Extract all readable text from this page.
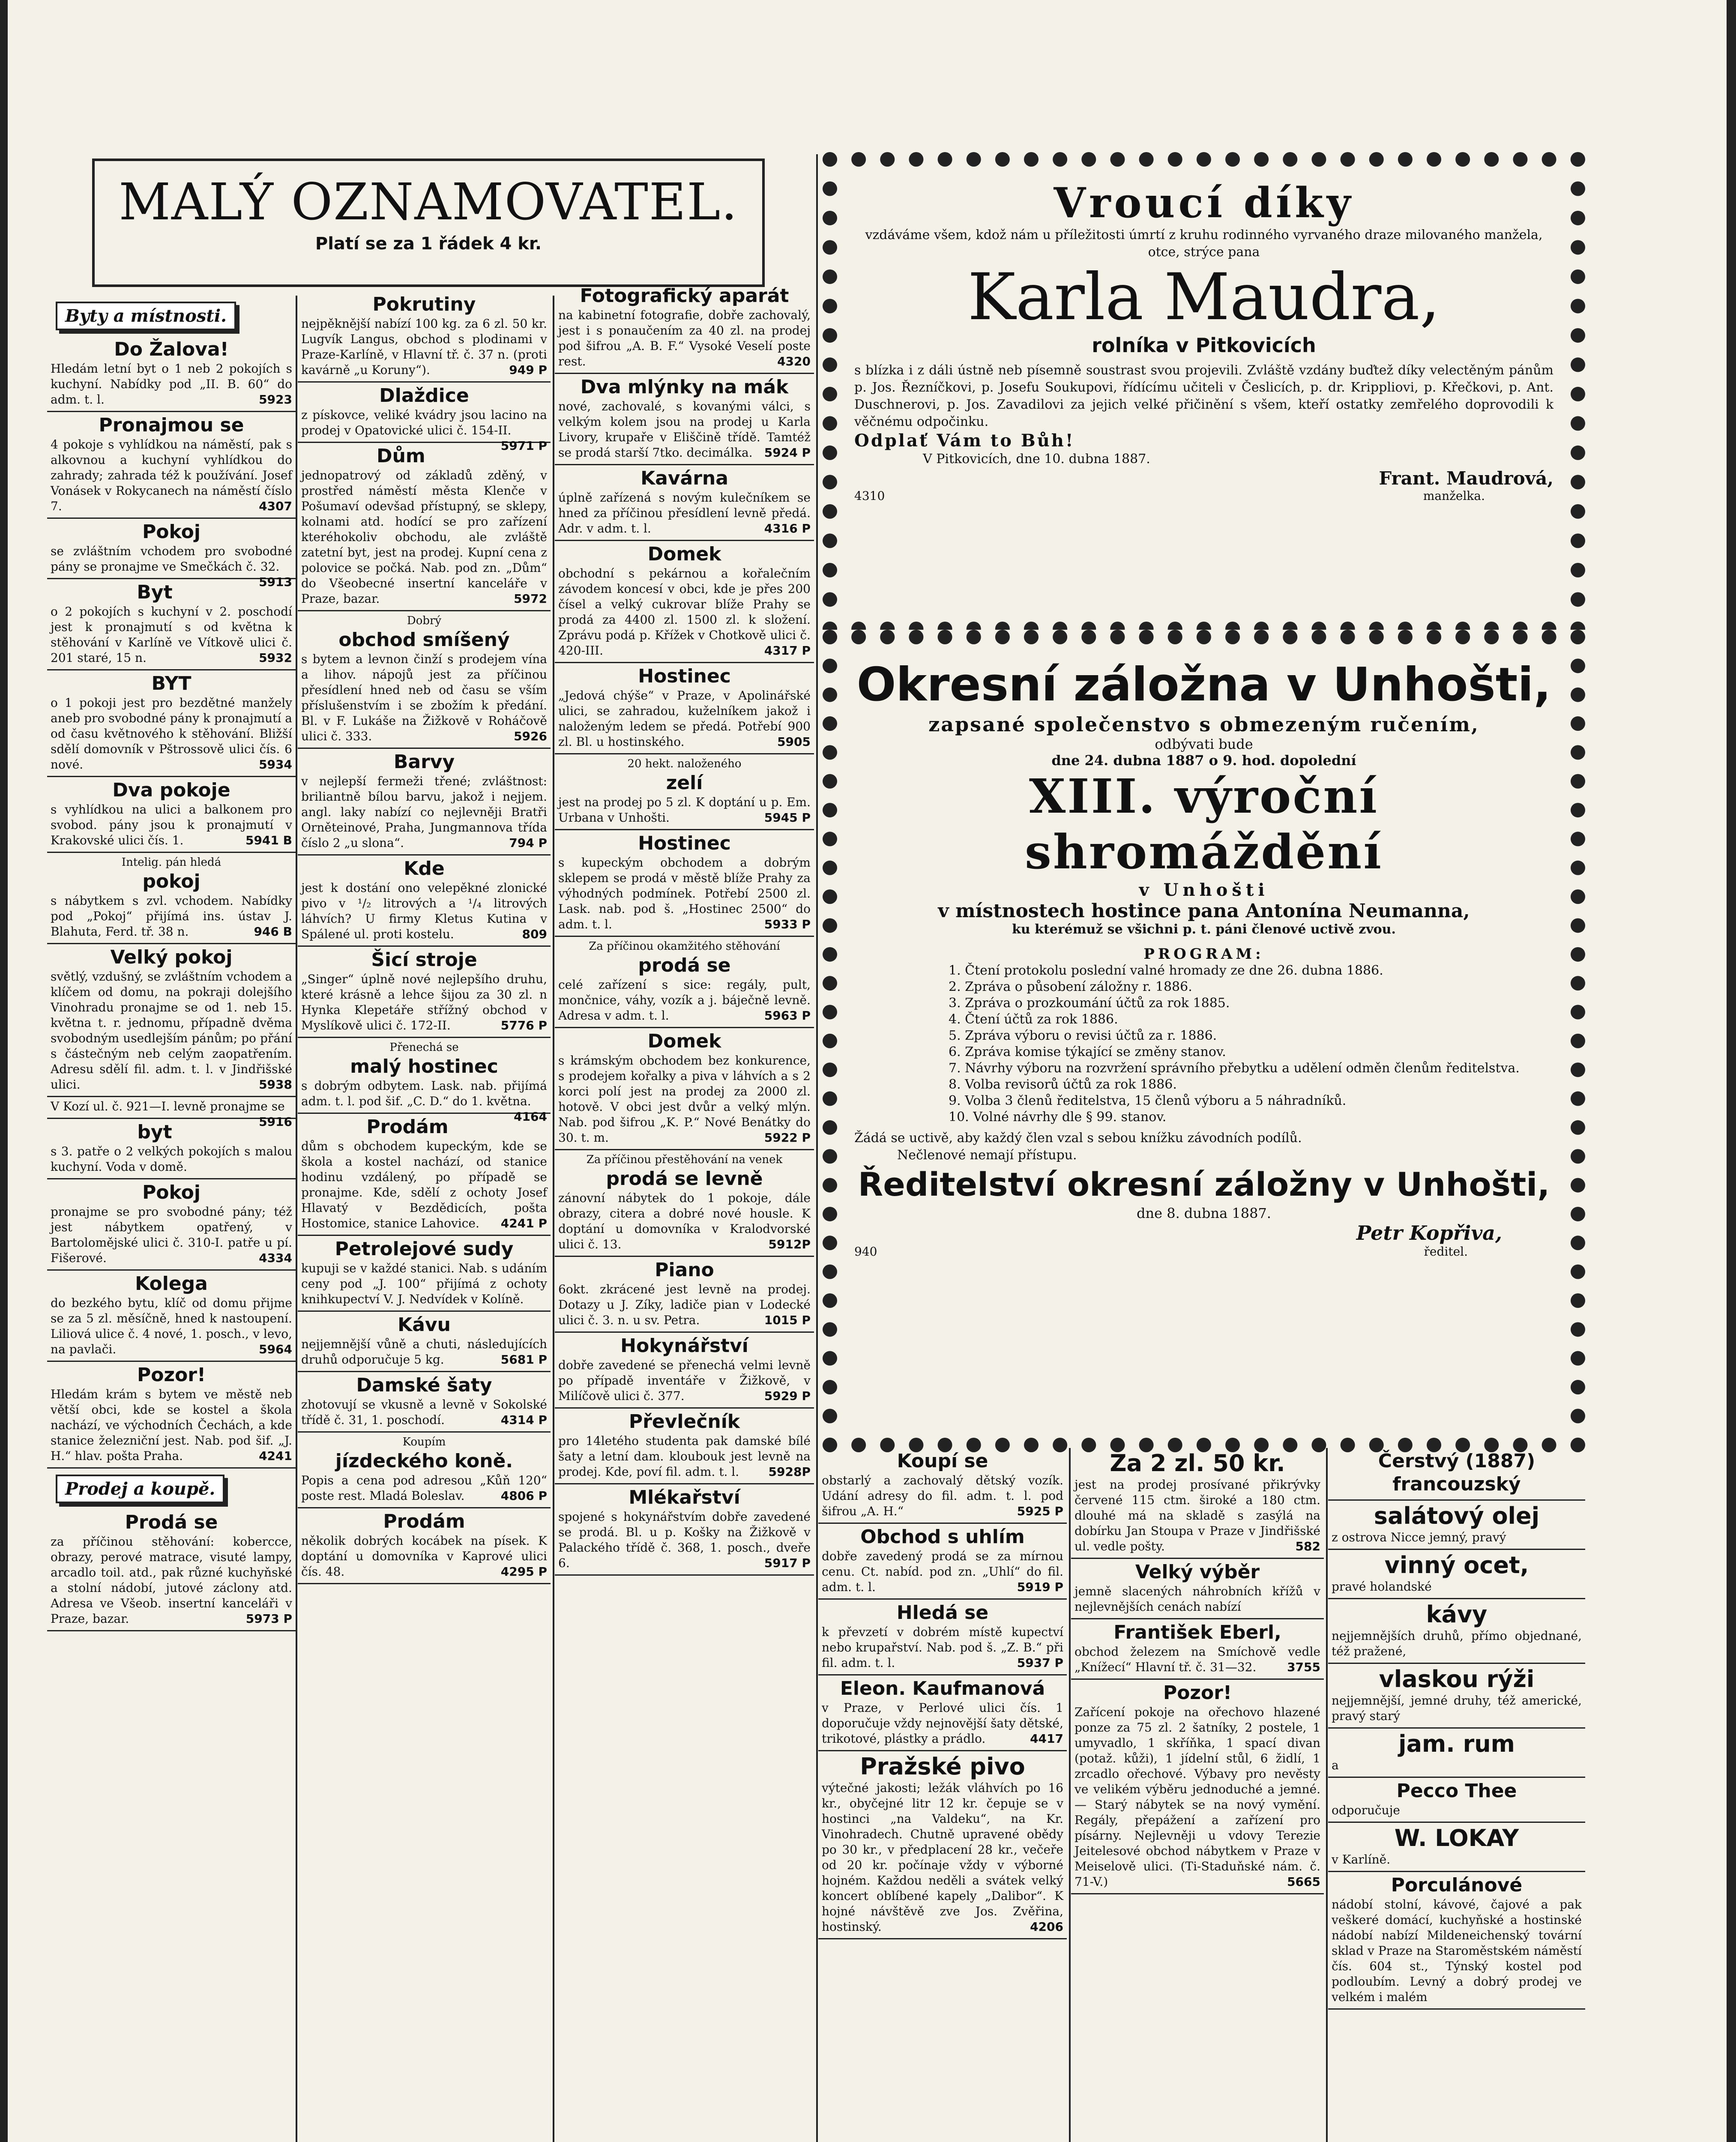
MALÝ OZNAMOVATEL.
Platí se za 1 řádek 4 kr.
Byty a místnosti.
Do Žalova!
Hledám letní byt o 1 neb 2 pokojích s kuchyní. Nabídky pod „II. B. 60“ do adm. t. l.	5923
Pronajmou se
4 pokoje s vyhlídkou na náměstí, pak s alkovnou a kuchyní vyhlídkou do zahrady; zahrada též k používání. Josef Vonásek v Rokycanech na náměstí číslo 7.	4307
Pokoj
se zvláštním vchodem pro svobodné pány se pronajme ve Smečkách č. 32.
5913
Byt
o 2 pokojích s kuchyní v 2. poschodí jest k pronajmutí s od května k stěhování v Karlíně ve Vítkově ulici č. 201 staré, 15 n.	5932
BYT
o 1 pokoji jest pro bezdětné manžely aneb pro svobodné pány k pronajmutí a od času květnového k stěhování. Bližší sdělí domovník v Pštrossově ulici čís. 6 nové.	5934
Dva pokoje
s vyhlídkou na ulici a balkonem pro svobod. pány jsou k pronajmutí v Krakovské ulici čís. 1.	5941 B
Intelig. pán hledá
pokoj
s nábytkem s zvl. vchodem. Nabídky pod „Pokoj“ přijímá ins. ústav J. Blahuta, Ferd. tř. 38 n.	946 B
Velký pokoj
světlý, vzdušný, se zvláštním vchodem a klíčem od domu, na pokraji dolejšího Vinohradu pronajme se od 1. neb 15. května t. r. jednomu, případně dvěma svobodným usedlejším pánům; po přání s částečným neb celým zaopatřením. Adresu sdělí fil. adm. t. l. v Jindřišské ulici.	5938
V Kozí ul. č. 921—I. levně pronajme se
5916
byt
s 3. patře o 2 velkých pokojích s malou kuchyní. Voda v domě.
Pokoj
pronajme se pro svobodné pány; též jest nábytkem opatřený, v Bartolomějské ulici č. 310-I. patře u pí. Fišerové.	4334
Kolega
do bezkého bytu, klíč od domu přijme se za 5 zl. měsíčně, hned k nastoupení. Liliová ulice č. 4 nové, 1. posch., v levo, na pavlači.	5964
Pozor!
Hledám krám s bytem ve městě neb větší obci, kde se kostel a škola nachází, ve východních Čechách, a kde stanice železniční jest. Nab. pod šif. „J. H.“ hlav. pošta Praha.	4241
Prodej a koupě.
Prodá se
za příčinou stěhování: kobercce, obrazy, perové matrace, visuté lampy, arcadlo toil. atd., pak různé kuchyňské a stolní nádobí, jutové záclony atd. Adresa ve Všeob. insertní kanceláři v Praze, bazar.	5973 P
Pokrutiny
nejpěknější nabízí 100 kg. za 6 zl. 50 kr. Lugvík Langus, obchod s plodinami v Praze-Karlíně, v Hlavní tř. č. 37 n. (proti kavárně „u Koruny“).	949 P
Dlaždice
z pískovce, veliké kvádry jsou lacino na prodej v Opatovické ulici č. 154-II.
5971 P
Dům
jednopatrový od základů zděný, v prostřed náměstí města Klenče v Pošumaví odevšad přístupný, se sklepy, kolnami atd. hodící se pro zařízení kteréhokoliv obchodu, ale zvláště zatetní byt, jest na prodej. Kupní cena z polovice se počká. Nab. pod zn. „Dům“ do Všeobecné insertní kanceláře v Praze, bazar.	5972
Dobrý
obchod smíšený
s bytem a levnon činží s prodejem vína a lihov. nápojů jest za příčinou přesídlení hned neb od času se vším příslušenstvím i se zbožím k předání. Bl. v F. Lukáše na Žižkově v Roháčově ulici č. 333.	5926
Barvy
v nejlepší fermeži třené; zvláštnost: briliantně bílou barvu, jakož i nejjem. angl. laky nabízí co nejlevněji Bratři Orněteinové, Praha, Jungmannova třída číslo 2 „u slona“.	794 P
Kde
jest k dostání ono velepěkné zlonické pivo v ¹/₂ litrových a ¹/₄ litrových láhvích? U firmy Kletus Kutina v Spálené ul. proti kostelu.	809
Šicí stroje
„Singer“ úplně nové nejlepšího druhu, které krásně a lehce šijou za 30 zl. n Hynka Klepetáře střížný obchod v Myslíkově ulici č. 172-II.	5776 P
Přenechá se
malý hostinec
s dobrým odbytem. Lask. nab. přijímá adm. t. l. pod šif. „C. D.“ do 1. května.
4164
Prodám
dům s obchodem kupeckým, kde se škola a kostel nachází, od stanice hodinu vzdálený, po případě se pronajme. Kde, sdělí z ochoty Josef Hlavatý v Bezdědicích, pošta Hostomice, stanice Lahovice. 4241 P
Petrolejové sudy
kupuji se v každé stanici. Nab. s udáním ceny pod „J. 100“ přijímá z ochoty knihkupectví V. J. Nedvídek v Kolíně.
Kávu
nejjemnější vůně a chuti, následujících druhů odporučuje 5 kg.	5681 P
Damské šaty
zhotovují se vkusně a levně v Sokolské třídě č. 31, 1. poschodí.	4314 P
Koupím
jízdeckého koně.
Popis a cena pod adresou „Kůň 120“ poste rest. Mladá Boleslav.	4806 P
Prodám
několik dobrých kocábek na písek. K doptání u domovníka v Kaprové ulici čís. 48.	4295 P
Fotografický aparát
na kabinetní fotografie, dobře zachovalý, jest i s ponaučením za 40 zl. na prodej pod šifrou „A. B. F.“ Vysoké Veselí poste rest.	4320
Dva mlýnky na mák
nové, zachovalé, s kovanými válci, s velkým kolem jsou na prodej u Karla Livory, krupaře v Eliščině třídě. Tamtéž se prodá starší 7tko. decimálka. 5924 P
Kavárna
úplně zařízená s novým kulečníkem se hned za příčinou přesídlení levně předá. Adr. v adm. t. l.	4316 P
Domek
obchodní s pekárnou a kořalečním závodem koncesí v obci, kde je přes 200 čísel a velký cukrovar blíže Prahy se prodá za 4400 zl. 1500 zl. k složení. Zprávu podá p. Křížek v Chotkově ulici č. 420-III.	4317 P
Hostinec
„Jedová chýše“ v Praze, v Apolinářské ulici, se zahradou, kuželníkem jakož i naloženým ledem se předá. Potřebí 900 zl. Bl. u hostinského.	5905
20 hekt. naloženého
zelí
jest na prodej po 5 zl. K doptání u p. Em. Urbana v Unhošti.	5945 P
Hostinec
s kupeckým obchodem a dobrým sklepem se prodá v městě blíže Prahy za výhodných podmínek. Potřebí 2500 zl. Lask. nab. pod š. „Hostinec 2500“ do adm. t. l.	5933 P
Za příčinou okamžitého stěhování
prodá se
celé zařízení s sice: regály, pult, mončnice, váhy, vozík a j. báječně levně. Adresa v adm. t. l.	5963 P
Domek
s krámským obchodem bez konkurence, s prodejem kořalky a piva v láhvích a s 2 korci polí jest na prodej za 2000 zl. hotově. V obci jest dvůr a velký mlýn. Nab. pod šifrou „K. P.“ Nové Benátky do 30. t. m.	5922 P
Za příčinou přestěhování na venek
prodá se levně
zánovní nábytek do 1 pokoje, dále obrazy, citera a dobré nové housle. K doptání u domovníka v Kralodvorské ulici č. 13.	5912P
Piano
6okt. zkrácené jest levně na prodej. Dotazy u J. Zíky, ladiče pian v Lodecké ulici č. 3. n. u sv. Petra.	1015 P
Hokynářství
dobře zavedené se přenechá velmi levně po případě inventáře v Žižkově, v Milíčově ulici č. 377.	5929 P
Převlečník
pro 14letého studenta pak damské bílé šaty a letní dam. kloubouk jest levně na prodej. Kde, poví fil. adm. t. l. 5928P
Mlékařství
spojené s hokynářstvím dobře zavedené se prodá. Bl. u p. Košky na Žižkově v Palackého třídě č. 368, 1. posch., dveře 6.	5917 P
Vroucí díky
vzdáváme všem, kdož nám u příležitosti úmrtí z kruhu rodinného vyrvaného draze milovaného manžela, otce, strýce pana
Karla Maudra,
rolníka v Pitkovicích
s blízka i z dáli ústně neb písemně soustrast svou projevili. Zvláště vzdány buďtež díky velectěným pánům p. Jos. Řezníčkovi, p. Josefu Soukupovi, řídícímu učiteli v Česlicích, p. dr. Krippliovi, p. Křečkovi, p. Ant. Duschnerovi, p. Jos. Zavadilovi za jejich velké přičinění s všem, kteří ostatky zemřelého doprovodili k věčnému odpočinku.
Odplať Vám to Bůh!
V Pitkovicích, dne 10. dubna 1887.
Frant. Maudrová,
4310	manželka.
Okresní záložna v Unhošti,
zapsané společenstvo s obmezeným ručením,
odbývati bude
dne 24. dubna 1887 o 9. hod. dopolední
XIII. výroční shromáždění
v Unhošti
v místnostech hostince pana Antonína Neumanna,
ku kterémuž se všichni p. t. páni členové uctivě zvou.
PROGRAM:
1. Čtení protokolu poslední valné hromady ze dne 26. dubna 1886.
2. Zpráva o působení záložny r. 1886.
3. Zpráva o prozkoumání účtů za rok 1885.
4. Čtení účtů za rok 1886.
5. Zpráva výboru o revisi účtů za r. 1886.
6. Zpráva komise týkající se změny stanov.
7. Návrhy výboru na rozvržení správního přebytku a udělení odměn členům ředitelstva.
8. Volba revisorů účtů za rok 1886.
9. Volba 3 členů ředitelstva, 15 členů výboru a 5 náhradníků.
10. Volné návrhy dle § 99. stanov.
Žádá se uctivě, aby každý člen vzal s sebou knížku závodních podílů.
Nečlenové nemají přístupu.
Ředitelství okresní záložny v Unhošti,
dne 8. dubna 1887.
Petr Kopřiva,
940	ředitel.
Koupí se
obstarlý a zachovalý dětský vozík. Udání adresy do fil. adm. t. l. pod šifrou „A. H.“	5925 P
Obchod s uhlím
dobře zavedený prodá se za mírnou cenu. Ct. nabíd. pod zn. „Uhlí“ do fil. adm. t. l.	5919 P
Hledá se
k převzetí v dobrém místě kupectví nebo krupařství. Nab. pod š. „Z. B.“ při fil. adm. t. l.	5937 P
Eleon. Kaufmanová
v Praze, v Perlové ulici čís. 1 doporučuje vždy nejnovější šaty dětské, trikotové, plástky a prádlo.	4417
Pražské pivo
výtečné jakosti; ležák vláhvích po 16 kr., obyčejné litr 12 kr. čepuje se v hostinci „na Valdeku“, na Kr. Vinohradech. Chutně upravené obědy po 30 kr., v předplacení 28 kr., večeře od 20 kr. počínaje vždy v výborné hojném. Každou neděli a svátek velký koncert oblíbené kapely „Dalibor“. K hojné návštěvě zve Jos. Zvěřina, hostinský.	4206
Za 2 zl. 50 kr.
jest na prodej prosívané přikrývky červené 115 ctm. široké a 180 ctm. dlouhé má na skladě s zasýlá na dobírku Jan Stoupa v Praze v Jindřišské ul. vedle pošty.	582
Velký výběr
jemně slacených náhrobních křížů v nejlevnějších cenách nabízí
František Eberl,
obchod železem na Smíchově vedle „Knížecí“ Hlavní tř. č. 31—32.	3755
Pozor!
Zařícení pokoje na ořechovo hlazené ponze za 75 zl. 2 šatníky, 2 postele, 1 umyvadlo, 1 skříňka, 1 spací divan (potaž. kůži), 1 jídelní stůl, 6 židlí, 1 zrcadlo ořechové. Výbavy pro nevěsty ve velikém výběru jednoduché a jemné. — Starý nábytek se na nový vymění. Regály, přepážení a zařízení pro písárny. Nejlevněji u vdovy Terezie Jeitelesové obchod nábytkem v Praze v Meiselově ulici. (Ti-Staduňské nám. č. 71-V.)	5665
Čerstvý (1887) francouzský
salátový olej
z ostrova Nicce jemný, pravý
vinný ocet,
pravé holandské
kávy
nejjemnějších druhů, přímo objednané, též pražené,
vlaskou rýži
nejjemnější, jemné druhy, též americké, pravý starý
jam. rum
a
Pecco Thee
odporučuje
W. LOKAY
v Karlíně.
Porculánové
nádobí stolní, kávové, čajové a pak veškeré domácí, kuchyňské a hostinské nádobí nabízí Mildeneichenský tovární sklad v Praze na Staroměstském náměstí čís. 604 st., Týnský kostel pod podloubím. Levný a dobrý prodej ve velkém i malém
